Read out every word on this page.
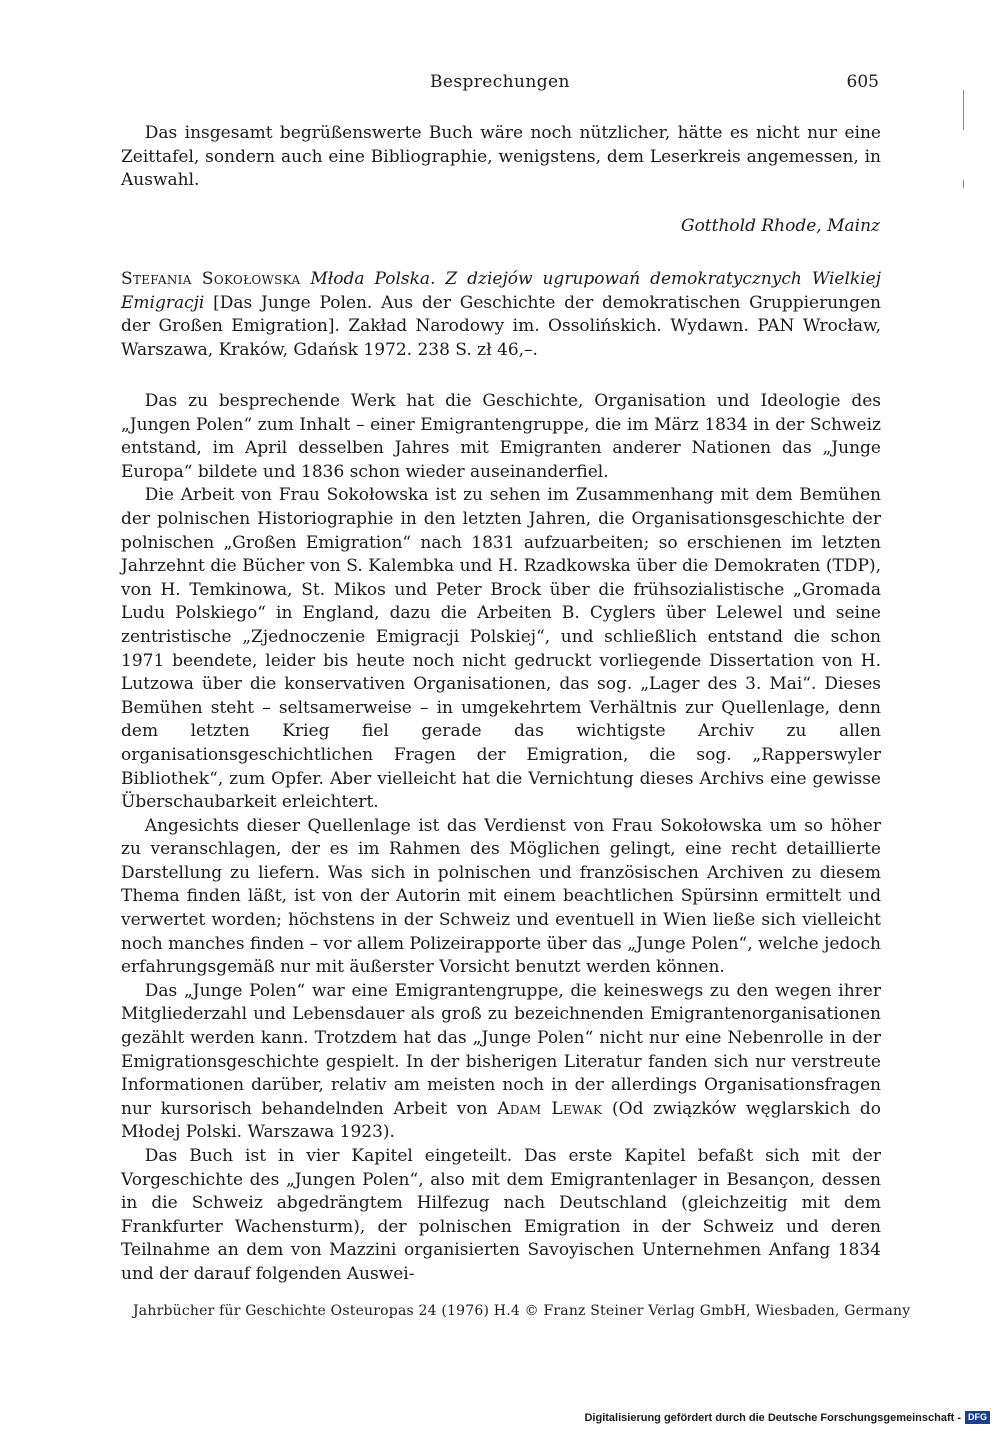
Besprechungen	605
Das insgesamt begrüßenswerte Buch wäre noch nützlicher, hätte es nicht nur eine Zeittafel, sondern auch eine Bibliographie, wenigstens, dem Leserkreis angemessen, in Auswahl.
Gotthold Rhode, Mainz
Stefania Sokołowska Młoda Polska. Z dziejów ugrupowań demokratycznych Wielkiej Emigracji [Das Junge Polen. Aus der Geschichte der demokratischen Gruppierungen der Großen Emigration]. Zakład Narodowy im. Ossolińskich. Wydawn. PAN Wrocław, Warszawa, Kraków, Gdańsk 1972. 238 S. zł 46,–.

Das zu besprechende Werk hat die Geschichte, Organisation und Ideologie des „Jungen Polen“ zum Inhalt – einer Emigrantengruppe, die im März 1834 in der Schweiz entstand, im April desselben Jahres mit Emigranten anderer Nationen das „Junge Europa“ bildete und 1836 schon wieder auseinanderfiel.

Die Arbeit von Frau Sokołowska ist zu sehen im Zusammenhang mit dem Bemühen der polnischen Historiographie in den letzten Jahren, die Organisationsgeschichte der polnischen „Großen Emigration“ nach 1831 aufzuarbeiten; so erschienen im letzten Jahrzehnt die Bücher von S. Kalembka und H. Rzadkowska über die Demokraten (TDP), von H. Temkinowa, St. Mikos und Peter Brock über die frühsozialistische „Gromada Ludu Polskiego“ in England, dazu die Arbeiten B. Cyglers über Lelewel und seine zentristische „Zjednoczenie Emigracji Polskiej“, und schließlich entstand die schon 1971 beendete, leider bis heute noch nicht gedruckt vorliegende Dissertation von H. Lutzowa über die konservativen Organisationen, das sog. „Lager des 3. Mai“. Dieses Bemühen steht – seltsamerweise – in umgekehrtem Verhältnis zur Quellenlage, denn dem letzten Krieg fiel gerade das wichtigste Archiv zu allen organisationsgeschichtlichen Fragen der Emigration, die sog. „Rapperswyler Bibliothek“, zum Opfer. Aber vielleicht hat die Vernichtung dieses Archivs eine gewisse Überschaubarkeit erleichtert.

Angesichts dieser Quellenlage ist das Verdienst von Frau Sokołowska um so höher zu veranschlagen, der es im Rahmen des Möglichen gelingt, eine recht detaillierte Darstellung zu liefern. Was sich in polnischen und französischen Archiven zu diesem Thema finden läßt, ist von der Autorin mit einem beachtlichen Spürsinn ermittelt und verwertet worden; höchstens in der Schweiz und eventuell in Wien ließe sich vielleicht noch manches finden – vor allem Polizeirapporte über das „Junge Polen“, welche jedoch erfahrungsgemäß nur mit äußerster Vorsicht benutzt werden können.

Das „Junge Polen“ war eine Emigrantengruppe, die keineswegs zu den wegen ihrer Mitgliederzahl und Lebensdauer als groß zu bezeichnenden Emigrantenorganisationen gezählt werden kann. Trotzdem hat das „Junge Polen“ nicht nur eine Nebenrolle in der Emigrationsgeschichte gespielt. In der bisherigen Literatur fanden sich nur verstreute Informationen darüber, relativ am meisten noch in der allerdings Organisationsfragen nur kursorisch behandelnden Arbeit von Adam Lewak (Od związków węglarskich do Młodej Polski. Warszawa 1923).

Das Buch ist in vier Kapitel eingeteilt. Das erste Kapitel befaßt sich mit der Vorgeschichte des „Jungen Polen“, also mit dem Emigrantenlager in Besançon, dessen in die Schweiz abgedrängtem Hilfezug nach Deutschland (gleichzeitig mit dem Frankfurter Wachensturm), der polnischen Emigration in der Schweiz und deren Teilnahme an dem von Mazzini organisierten Savoyischen Unternehmen Anfang 1834 und der darauf folgenden Auswei-

Jahrbücher für Geschichte Osteuropas 24 (1976) H.4 © Franz Steiner Verlag GmbH, Wiesbaden, Germany
Digitalisierung gefördert durch die Deutsche Forschungsgemeinschaft - DFG
